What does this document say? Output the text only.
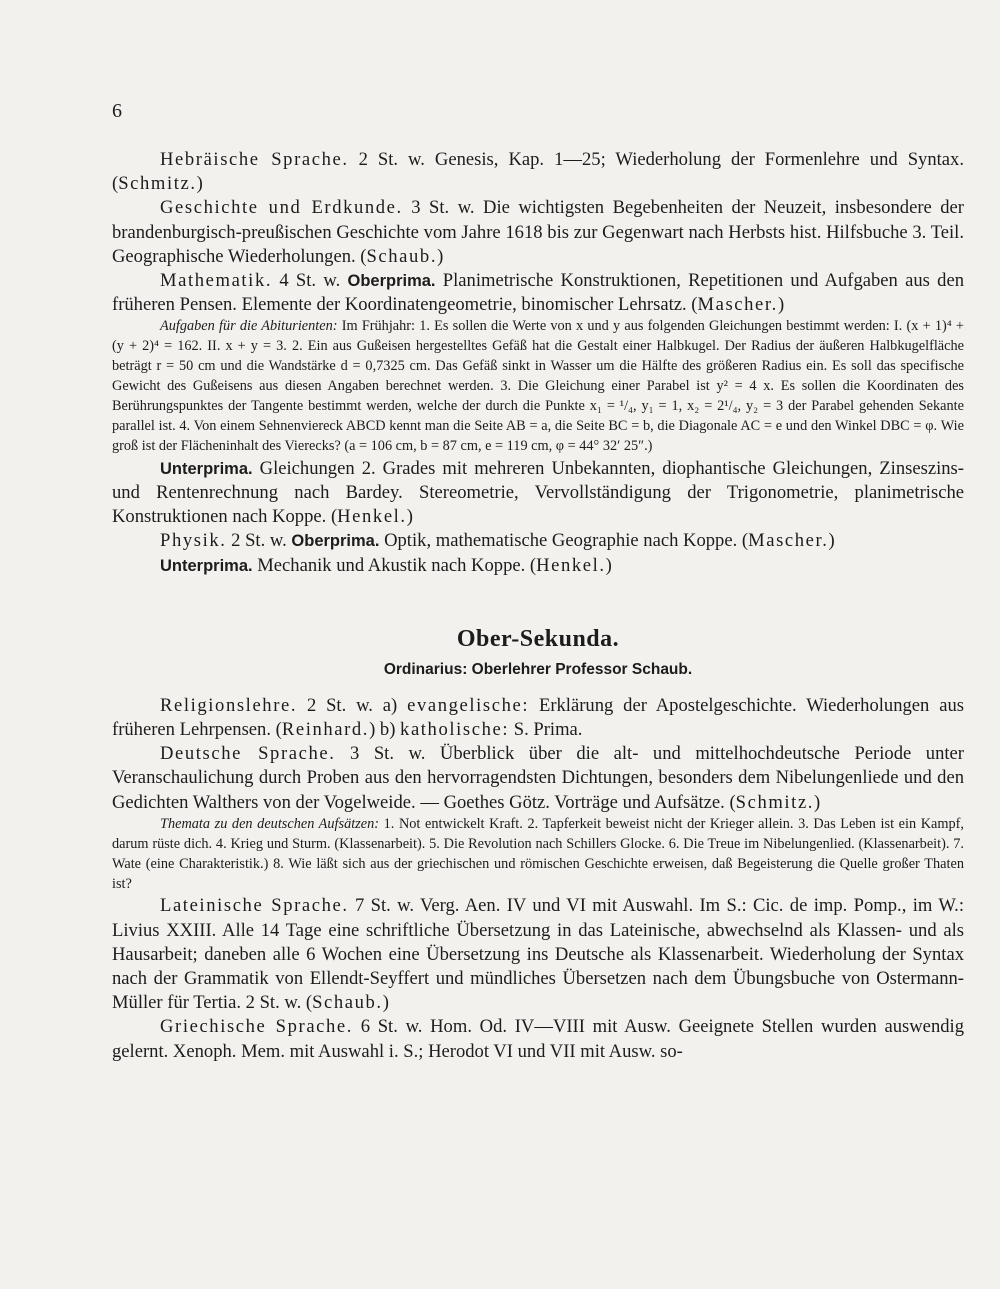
6

Hebräische Sprache. 2 St. w. Genesis, Kap. 1—25; Wiederholung der Formenlehre und Syntax. (Schmitz.)

Geschichte und Erdkunde. 3 St. w. Die wichtigsten Begebenheiten der Neuzeit, insbesondere der brandenburgisch-preußischen Geschichte vom Jahre 1618 bis zur Gegenwart nach Herbsts hist. Hilfsbuche 3. Teil. Geographische Wiederholungen. (Schaub.)

Mathematik. 4 St. w. Oberprima. Planimetrische Konstruktionen, Repetitionen und Aufgaben aus den früheren Pensen. Elemente der Koordinatengeometrie, binomischer Lehrsatz. (Mascher.)

Aufgaben für die Abiturienten: Im Frühjahr: 1. Es sollen die Werte von x und y aus folgenden Gleichungen bestimmt werden: I. (x + 1)⁴ + (y + 2)⁴ = 162. II. x + y = 3. 2. Ein aus Gußeisen hergestelltes Gefäß hat die Gestalt einer Halbkugel. Der Radius der äußeren Halbkugelfläche beträgt r = 50 cm und die Wandstärke d = 0,7325 cm. Das Gefäß sinkt in Wasser um die Hälfte des größeren Radius ein. Es soll das specifische Gewicht des Gußeisens aus diesen Angaben berechnet werden. 3. Die Gleichung einer Parabel ist y² = 4 x. Es sollen die Koordinaten des Berührungspunktes der Tangente bestimmt werden, welche der durch die Punkte x₁ = ¹/₄, y₁ = 1, x₂ = 2¹/₄, y₂ = 3 der Parabel gehenden Sekante parallel ist. 4. Von einem Sehnenviereck ABCD kennt man die Seite AB = a, die Seite BC = b, die Diagonale AC = e und den Winkel DBC = φ. Wie groß ist der Flächeninhalt des Vierecks? (a = 106 cm, b = 87 cm, e = 119 cm, φ = 44° 32′ 25″.)

Unterprima. Gleichungen 2. Grades mit mehreren Unbekannten, diophantische Gleichungen, Zinseszins- und Rentenrechnung nach Bardey. Stereometrie, Vervollständigung der Trigonometrie, planimetrische Konstruktionen nach Koppe. (Henkel.)

Physik. 2 St. w. Oberprima. Optik, mathematische Geographie nach Koppe. (Mascher.)

Unterprima. Mechanik und Akustik nach Koppe. (Henkel.)

Ober-Sekunda.
Ordinarius: Oberlehrer Professor Schaub.

Religionslehre. 2 St. w. a) evangelische: Erklärung der Apostelgeschichte. Wiederholungen aus früheren Lehrpensen. (Reinhard.) b) katholische: S. Prima.

Deutsche Sprache. 3 St. w. Überblick über die alt- und mittelhochdeutsche Periode unter Veranschaulichung durch Proben aus den hervorragendsten Dichtungen, besonders dem Nibelungenliede und den Gedichten Walthers von der Vogelweide. — Goethes Götz. Vorträge und Aufsätze. (Schmitz.)

Themata zu den deutschen Aufsätzen: 1. Not entwickelt Kraft. 2. Tapferkeit beweist nicht der Krieger allein. 3. Das Leben ist ein Kampf, darum rüste dich. 4. Krieg und Sturm. (Klassenarbeit). 5. Die Revolution nach Schillers Glocke. 6. Die Treue im Nibelungenlied. (Klassenarbeit). 7. Wate (eine Charakteristik.) 8. Wie läßt sich aus der griechischen und römischen Geschichte erweisen, daß Begeisterung die Quelle großer Thaten ist?

Lateinische Sprache. 7 St. w. Verg. Aen. IV und VI mit Auswahl. Im S.: Cic. de imp. Pomp., im W.: Livius XXIII. Alle 14 Tage eine schriftliche Übersetzung in das Lateinische, abwechselnd als Klassen- und als Hausarbeit; daneben alle 6 Wochen eine Übersetzung ins Deutsche als Klassenarbeit. Wiederholung der Syntax nach der Grammatik von Ellendt-Seyffert und mündliches Übersetzen nach dem Übungsbuche von Ostermann-Müller für Tertia. 2 St. w. (Schaub.)

Griechische Sprache. 6 St. w. Hom. Od. IV—VIII mit Ausw. Geeignete Stellen wurden auswendig gelernt. Xenoph. Mem. mit Auswahl i. S.; Herodot VI und VII mit Ausw. so-
